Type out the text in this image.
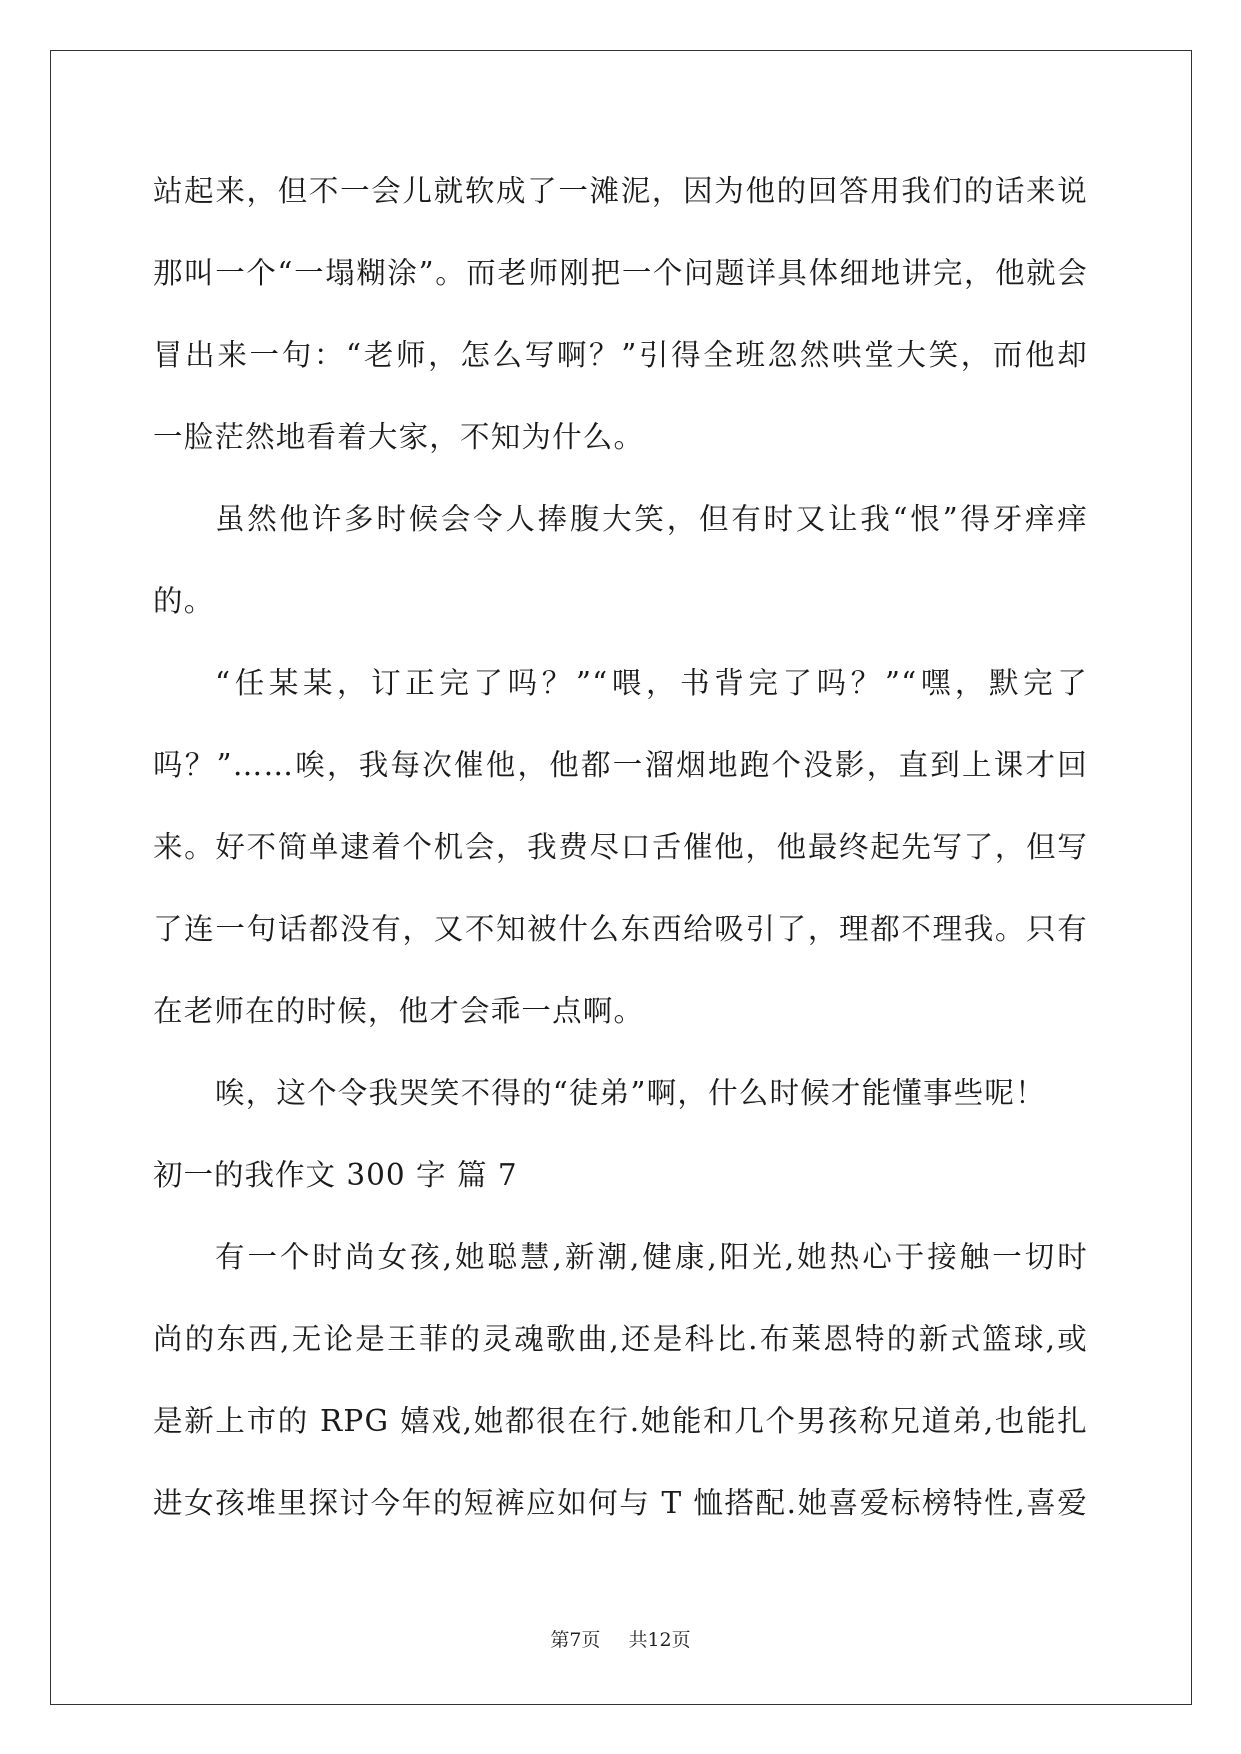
站起来，但不一会儿就软成了一滩泥，因为他的回答用我们的话来说
那叫一个“一塌糊涂”。而老师刚把一个问题详具体细地讲完，他就会
冒出来一句：“老师，怎么写啊？”引得全班忽然哄堂大笑，而他却
一脸茫然地看着大家，不知为什么。
虽然他许多时候会令人捧腹大笑，但有时又让我“恨”得牙痒痒
的。
“任某某，订正完了吗？”“喂，书背完了吗？”“嘿，默完了
吗？”……唉，我每次催他，他都一溜烟地跑个没影，直到上课才回
来。好不简单逮着个机会，我费尽口舌催他，他最终起先写了，但写
了连一句话都没有，又不知被什么东西给吸引了，理都不理我。只有
在老师在的时候，他才会乖一点啊。
唉，这个令我哭笑不得的“徒弟”啊，什么时候才能懂事些呢！
初一的我作文 300 字 篇 7
有一个时尚女孩,她聪慧,新潮,健康,阳光,她热心于接触一切时
尚的东西,无论是王菲的灵魂歌曲,还是科比.布莱恩特的新式篮球,或
是新上市的 RPG 嬉戏,她都很在行.她能和几个男孩称兄道弟,也能扎
进女孩堆里探讨今年的短裤应如何与 T 恤搭配.她喜爱标榜特性,喜爱
第7页 共12页
